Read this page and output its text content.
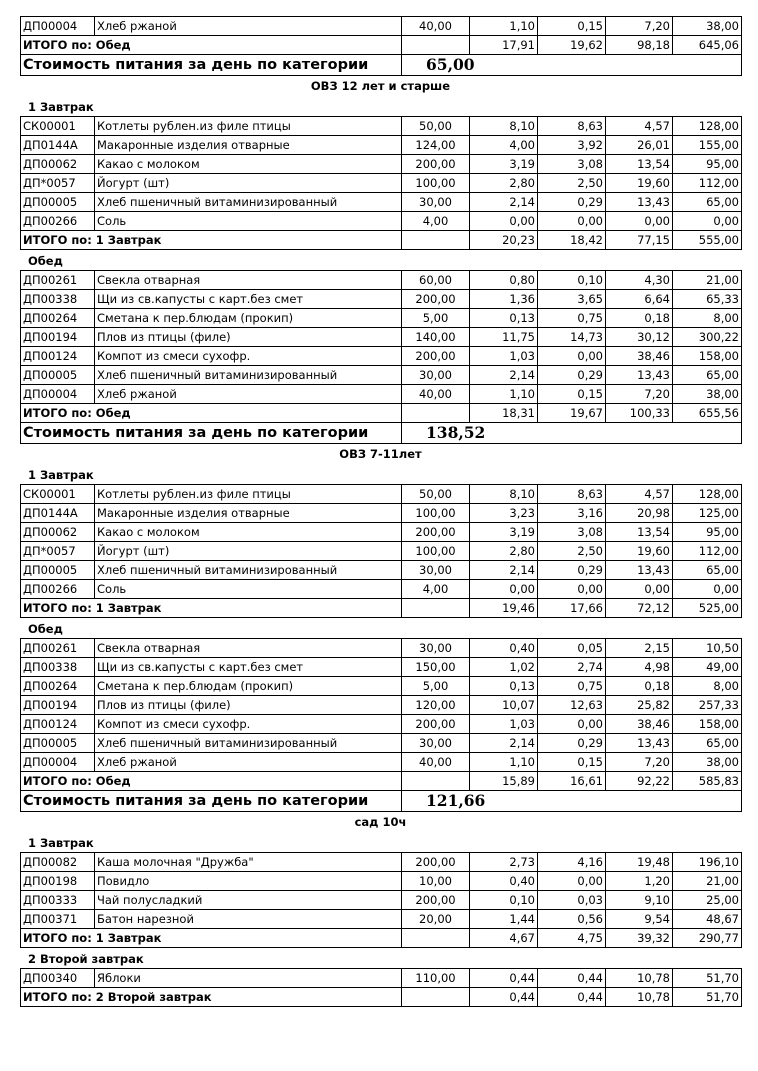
ДП00004	Хлеб ржаной	40,00	1,10	0,15	7,20	38,00
ИТОГО по: Обед			17,91	19,62	98,18	645,06
Стоимость питания за день по категории		65,00				
ОВЗ 12 лет и старше
1 Завтрак
СК00001	Котлеты рублен.из филе птицы	50,00	8,10	8,63	4,57	128,00
ДП0144А	Макаронные изделия отварные	124,00	4,00	3,92	26,01	155,00
ДП00062	Какао с молоком	200,00	3,19	3,08	13,54	95,00
ДП*0057	Йогурт (шт)	100,00	2,80	2,50	19,60	112,00
ДП00005	Хлеб пшеничный витаминизированный	30,00	2,14	0,29	13,43	65,00
ДП00266	Соль	4,00	0,00	0,00	0,00	0,00
ИТОГО по: 1 Завтрак			20,23	18,42	77,15	555,00
Обед
ДП00261	Свекла отварная	60,00	0,80	0,10	4,30	21,00
ДП00338	Щи из св.капусты с карт.без смет	200,00	1,36	3,65	6,64	65,33
ДП00264	Сметана к пер.блюдам (прокип)	5,00	0,13	0,75	0,18	8,00
ДП00194	Плов из птицы (филе)	140,00	11,75	14,73	30,12	300,22
ДП00124	Компот из смеси сухофр.	200,00	1,03	0,00	38,46	158,00
ДП00005	Хлеб пшеничный витаминизированный	30,00	2,14	0,29	13,43	65,00
ДП00004	Хлеб ржаной	40,00	1,10	0,15	7,20	38,00
ИТОГО по: Обед			18,31	19,67	100,33	655,56
Стоимость питания за день по категории		138,52				
ОВЗ 7-11лет
1 Завтрак
СК00001	Котлеты рублен.из филе птицы	50,00	8,10	8,63	4,57	128,00
ДП0144А	Макаронные изделия отварные	100,00	3,23	3,16	20,98	125,00
ДП00062	Какао с молоком	200,00	3,19	3,08	13,54	95,00
ДП*0057	Йогурт (шт)	100,00	2,80	2,50	19,60	112,00
ДП00005	Хлеб пшеничный витаминизированный	30,00	2,14	0,29	13,43	65,00
ДП00266	Соль	4,00	0,00	0,00	0,00	0,00
ИТОГО по: 1 Завтрак			19,46	17,66	72,12	525,00
Обед
ДП00261	Свекла отварная	30,00	0,40	0,05	2,15	10,50
ДП00338	Щи из св.капусты с карт.без смет	150,00	1,02	2,74	4,98	49,00
ДП00264	Сметана к пер.блюдам (прокип)	5,00	0,13	0,75	0,18	8,00
ДП00194	Плов из птицы (филе)	120,00	10,07	12,63	25,82	257,33
ДП00124	Компот из смеси сухофр.	200,00	1,03	0,00	38,46	158,00
ДП00005	Хлеб пшеничный витаминизированный	30,00	2,14	0,29	13,43	65,00
ДП00004	Хлеб ржаной	40,00	1,10	0,15	7,20	38,00
ИТОГО по: Обед			15,89	16,61	92,22	585,83
Стоимость питания за день по категории		121,66				
сад 10ч
1 Завтрак
ДП00082	Каша молочная "Дружба"	200,00	2,73	4,16	19,48	196,10
ДП00198	Повидло	10,00	0,40	0,00	1,20	21,00
ДП00333	Чай полусладкий	200,00	0,10	0,03	9,10	25,00
ДП00371	Батон нарезной	20,00	1,44	0,56	9,54	48,67
ИТОГО по: 1 Завтрак			4,67	4,75	39,32	290,77
2 Второй завтрак
ДП00340	Яблоки	110,00	0,44	0,44	10,78	51,70
ИТОГО по: 2 Второй завтрак			0,44	0,44	10,78	51,70
